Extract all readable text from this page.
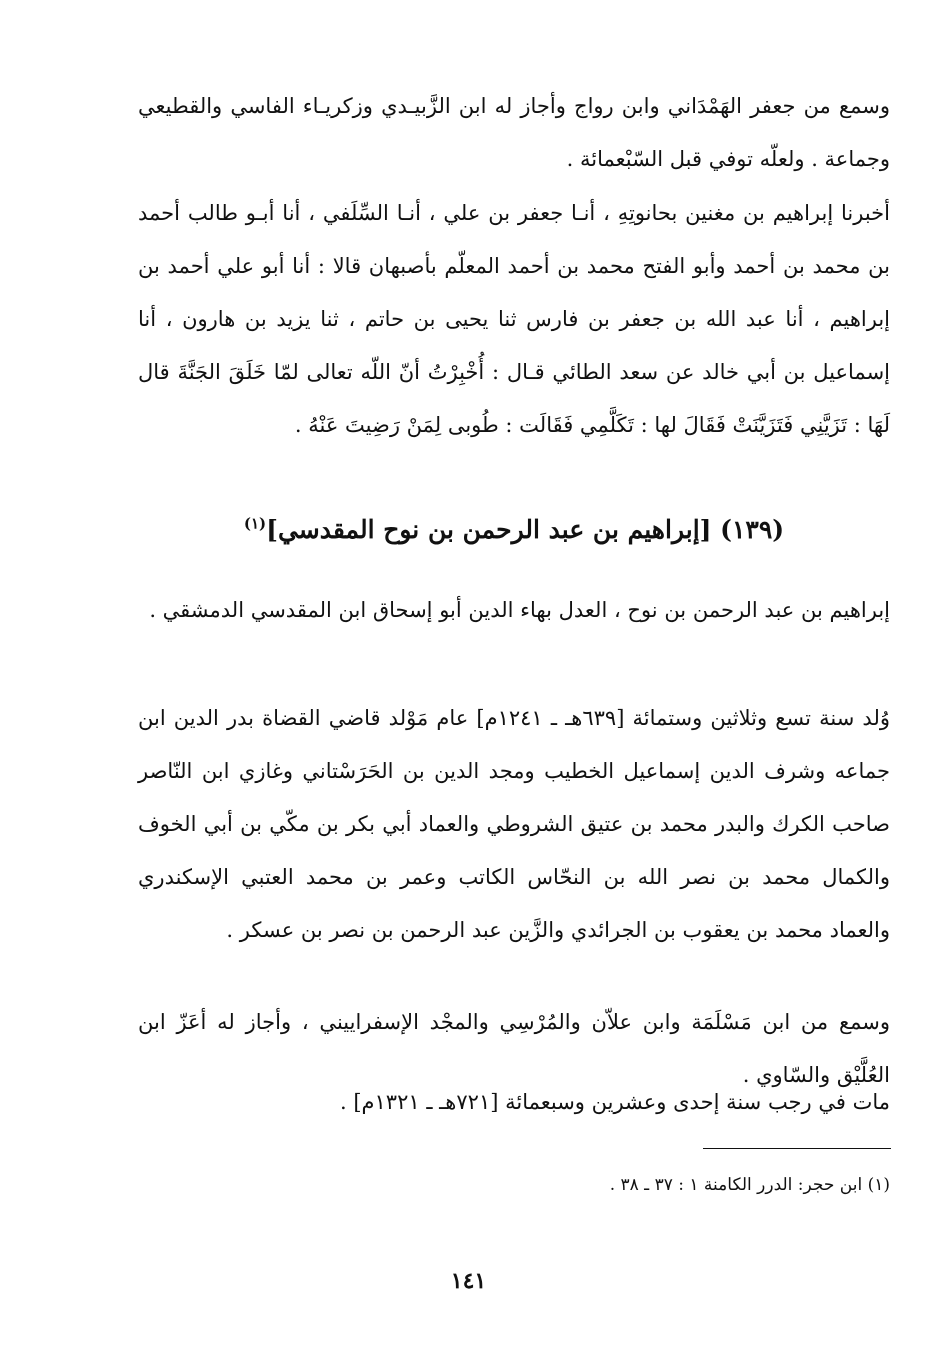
وسمع من جعفر الهَمْدَاني وابن رواج وأجاز له ابن الزَّبيـدي وزكريـاء الفاسي والقطيعي وجماعة . ولعلّه توفي قبل السّبْعمائة .

أخبرنا إبراهيم بن مغنين بحانوتِهِ ، أنـا جعفر بن علي ، أنـا السِّلَفي ، أنا أبـو طالب أحمد بن محمد بن أحمد وأبو الفتح محمد بن أحمد المعلّم بأصبهان قالا : أنا أبو علي أحمد بن إبراهيم ، أنا عبد الله بن جعفر بن فارس ثنا يحيى بن حاتم ، ثنا يزيد بن هارون ، أنا إسماعيل بن أبي خالد عن سعد الطائي قـال : أُخْبِرْتُ أنّ اللّه تعالى لمّا خَلَقَ الجَنَّةَ قال لَهَا : تَزَيَّنِي فَتَزَيَّنَتْ فَقَالَ لها : تَكَلَّمِي فَقَالَت : طُوبى لِمَنْ رَضِيتَ عَنْهُ .

(١٣٩) [إبراهيم بن عبد الرحمن بن نوح المقدسي]$^{(١)}$

إبراهيم بن عبد الرحمن بن نوح ، العدل بهاء الدين أبو إسحاق ابن المقدسي الدمشقي .

وُلد سنة تسع وثلاثين وستمائة [٦٣٩هـ ـ ١٢٤١م] عام مَوْلد قاضي القضاة بدر الدين ابن جماعه وشرف الدين إسماعيل الخطيب ومجد الدين بن الحَرَسْتاني وغازي ابن النّاصر صاحب الكرك والبدر محمد بن عتيق الشروطي والعماد أبي بكر بن مكّي بن أبي الخوف والكمال محمد بن نصر الله بن النحّاس الكاتب وعمر بن محمد العتبي الإسكندري والعماد محمد بن يعقوب بن الجرائدي والزَّين عبد الرحمن بن نصر بن عسكر .

وسمع من ابن مَسْلَمَة وابن علاّن والمُرْسِي والمجْد الإسفراييني ، وأجاز له أعَزّ ابن العُلَّيْق والسّاوي .

مات في رجب سنة إحدى وعشرين وسبعمائة [٧٢١هـ ـ ١٣٢١م] .

(١) ابن حجر: الدرر الكامنة ١ : ٣٧ ـ ٣٨ .

١٤١
